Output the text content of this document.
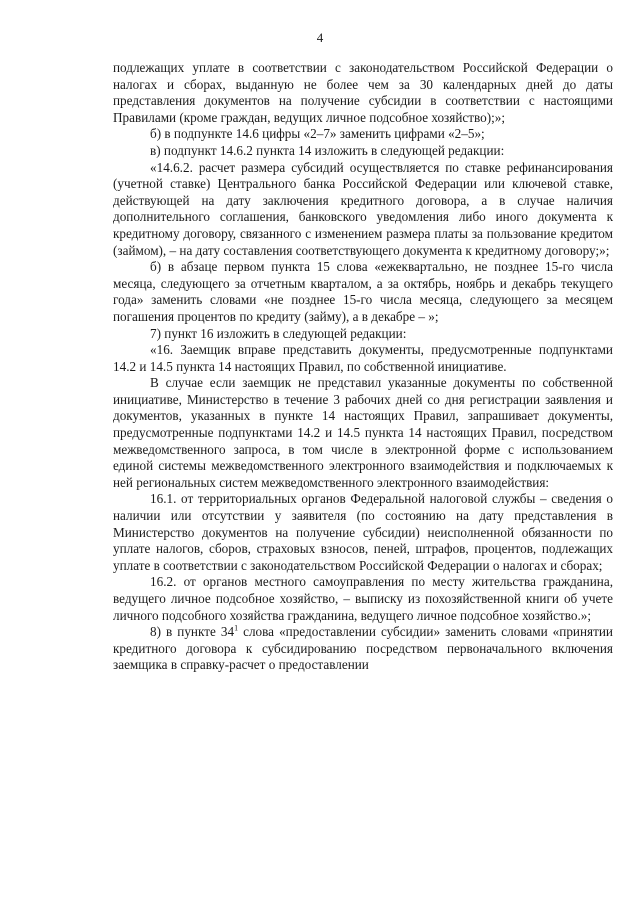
4

подлежащих уплате в соответствии с законодательством Российской Федерации о налогах и сборах, выданную не более чем за 30 календарных дней до даты представления документов на получение субсидии в соответствии с настоящими Правилами (кроме граждан, ведущих личное подсобное хозяйство);»;

б) в подпункте 14.6 цифры «2–7» заменить цифрами «2–5»;

в) подпункт 14.6.2 пункта 14 изложить в следующей редакции:

«14.6.2. расчет размера субсидий осуществляется по ставке рефинансирования (учетной ставке) Центрального банка Российской Федерации или ключевой ставке, действующей на дату заключения кредитного договора, а в случае наличия дополнительного соглашения, банковского уведомления либо иного документа к кредитному договору, связанного с изменением размера платы за пользование кредитом (займом), – на дату составления соответствующего документа к кредитному договору;»;

б) в абзаце первом пункта 15 слова «ежеквартально, не позднее 15-го числа месяца, следующего за отчетным кварталом, а за октябрь, ноябрь и декабрь текущего года» заменить словами «не позднее 15-го числа месяца, следующего за месяцем погашения процентов по кредиту (займу), а в декабре – »;

7) пункт 16 изложить в следующей редакции:

«16. Заемщик вправе представить документы, предусмотренные подпунктами 14.2 и 14.5 пункта 14 настоящих Правил, по собственной инициативе.

В случае если заемщик не представил указанные документы по собственной инициативе, Министерство в течение 3 рабочих дней со дня регистрации заявления и документов, указанных в пункте 14 настоящих Правил, запрашивает документы, предусмотренные подпунктами 14.2 и 14.5 пункта 14 настоящих Правил, посредством межведомственного запроса, в том числе в электронной форме с использованием единой системы межведомственного электронного взаимодействия и подключаемых к ней региональных систем межведомственного электронного взаимодействия:

16.1. от территориальных органов Федеральной налоговой службы – сведения о наличии или отсутствии у заявителя (по состоянию на дату представления в Министерство документов на получение субсидии) неисполненной обязанности по уплате налогов, сборов, страховых взносов, пеней, штрафов, процентов, подлежащих уплате в соответствии с законодательством Российской Федерации о налогах и сборах;

16.2. от органов местного самоуправления по месту жительства гражданина, ведущего личное подсобное хозяйство, – выписку из похозяйственной книги об учете личного подсобного хозяйства гражданина, ведущего личное подсобное хозяйство.»;

8) в пункте $34^1$ слова «предоставлении субсидии» заменить словами «принятии кредитного договора к субсидированию посредством первоначального включения заемщика в справку-расчет о предоставлении
